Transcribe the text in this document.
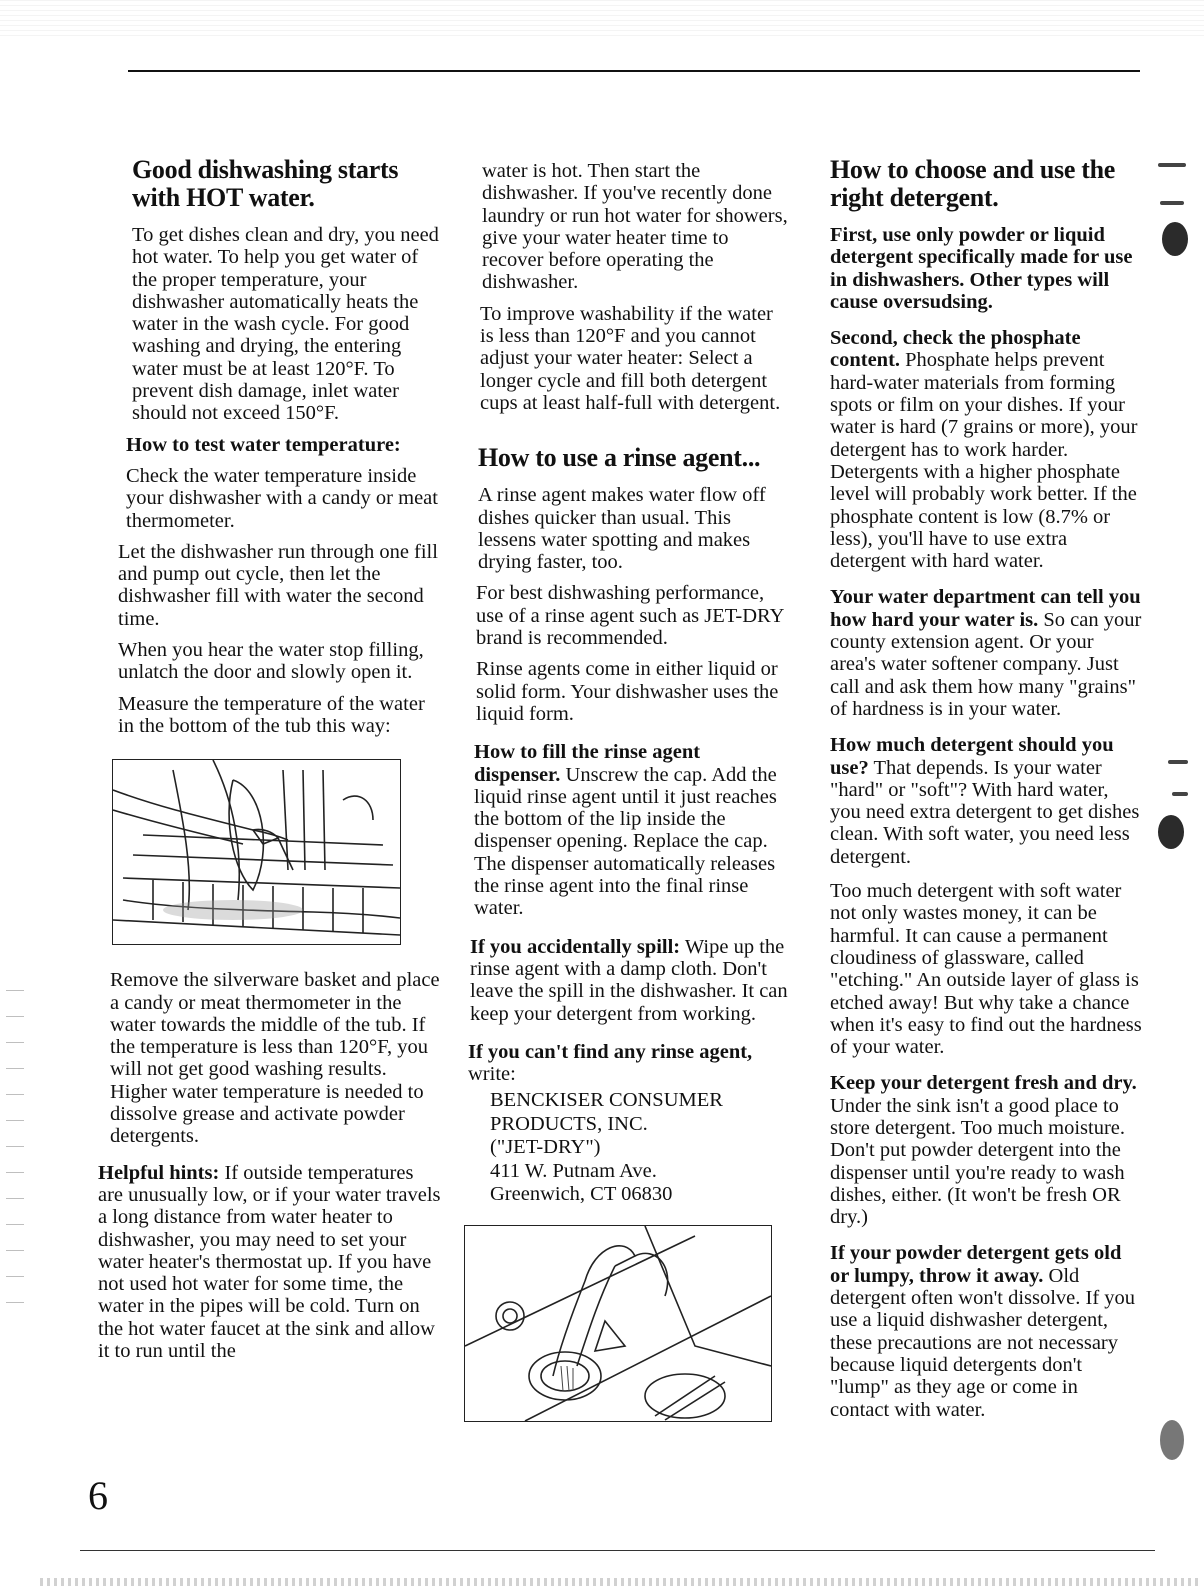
Good dishwashing starts with HOT water.

To get dishes clean and dry, you need hot water. To help you get water of the proper temperature, your dishwasher automatically heats the water in the wash cycle. For good washing and drying, the entering water must be at least 120°F. To prevent dish damage, inlet water should not exceed 150°F.

How to test water temperature:

Check the water temperature inside your dishwasher with a candy or meat thermometer.

Let the dishwasher run through one fill and pump out cycle, then let the dishwasher fill with water the second time.

When you hear the water stop filling, unlatch the door and slowly open it.

Measure the temperature of the water in the bottom of the tub this way:

Remove the silverware basket and place a candy or meat thermometer in the water towards the middle of the tub. If the temperature is less than 120°F, you will not get good washing results. Higher water temperature is needed to dissolve grease and activate powder detergents.

Helpful hints: If outside temperatures are unusually low, or if your water travels a long distance from water heater to dishwasher, you may need to set your water heater's thermostat up. If you have not used hot water for some time, the water in the pipes will be cold. Turn on the hot water faucet at the sink and allow it to run until the

water is hot. Then start the dishwasher. If you've recently done laundry or run hot water for showers, give your water heater time to recover before operating the dishwasher.

To improve washability if the water is less than 120°F and you cannot adjust your water heater: Select a longer cycle and fill both detergent cups at least half-full with detergent.

How to use a rinse agent...

A rinse agent makes water flow off dishes quicker than usual. This lessens water spotting and makes drying faster, too.

For best dishwashing performance, use of a rinse agent such as JET-DRY brand is recommended.

Rinse agents come in either liquid or solid form. Your dishwasher uses the liquid form.

How to fill the rinse agent dispenser. Unscrew the cap. Add the liquid rinse agent until it just reaches the bottom of the lip inside the dispenser opening. Replace the cap. The dispenser automatically releases the rinse agent into the final rinse water.

If you accidentally spill: Wipe up the rinse agent with a damp cloth. Don't leave the spill in the dishwasher. It can keep your detergent from working.

If you can't find any rinse agent, write:

BENCKISER CONSUMER
PRODUCTS, INC.
("JET-DRY")
411 W. Putnam Ave.
Greenwich, CT 06830
How to choose and use the right detergent.

First, use only powder or liquid detergent specifically made for use in dishwashers. Other types will cause oversudsing.

Second, check the phosphate content. Phosphate helps prevent hard-water materials from forming spots or film on your dishes. If your water is hard (7 grains or more), your detergent has to work harder. Detergents with a higher phosphate level will probably work better. If the phosphate content is low (8.7% or less), you'll have to use extra detergent with hard water.

Your water department can tell you how hard your water is. So can your county extension agent. Or your area's water softener company. Just call and ask them how many "grains" of hardness is in your water.

How much detergent should you use? That depends. Is your water "hard" or "soft"? With hard water, you need extra detergent to get dishes clean. With soft water, you need less detergent.

Too much detergent with soft water not only wastes money, it can be harmful. It can cause a permanent cloudiness of glassware, called "etching." An outside layer of glass is etched away! But why take a chance when it's easy to find out the hardness of your water.

Keep your detergent fresh and dry. Under the sink isn't a good place to store detergent. Too much moisture. Don't put powder detergent into the dispenser until you're ready to wash dishes, either. (It won't be fresh OR dry.)

If your powder detergent gets old or lumpy, throw it away. Old detergent often won't dissolve. If you use a liquid dishwasher detergent, these precautions are not necessary because liquid detergents don't "lump" as they age or come in contact with water.

6
